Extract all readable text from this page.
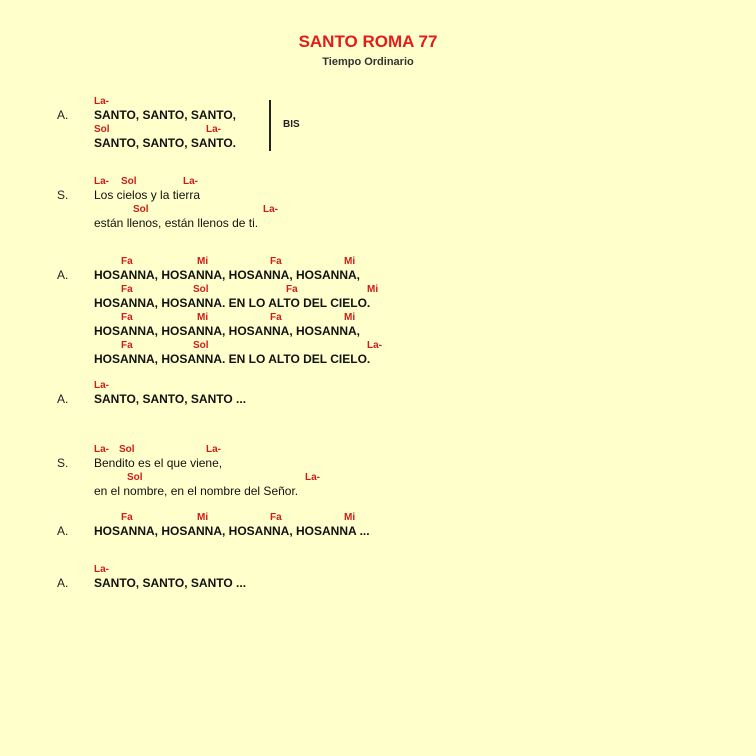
SANTO ROMA 77
Tiempo Ordinario
A.
La-
SANTO, SANTO, SANTO,
Sol	La-
SANTO, SANTO, SANTO.
BIS
S.
La- Sol	La-
Los cielos y la tierra
Sol	La-
están llenos, están llenos de ti.
A.
Fa	Mi	Fa	Mi
HOSANNA, HOSANNA, HOSANNA, HOSANNA,
Fa	Sol	Fa	Mi
HOSANNA, HOSANNA. EN LO ALTO DEL CIELO.
Fa	Mi	Fa	Mi
HOSANNA, HOSANNA, HOSANNA, HOSANNA,
Fa	Sol	La-
HOSANNA, HOSANNA. EN LO ALTO DEL CIELO.
A.
La-
SANTO, SANTO, SANTO ...
S.
La- Sol	La-
Bendito es el que viene,
Sol	La-
en el nombre, en el nombre del Señor.
A.
Fa	Mi	Fa	Mi
HOSANNA, HOSANNA, HOSANNA, HOSANNA ...
A.
La-
SANTO, SANTO, SANTO ...
